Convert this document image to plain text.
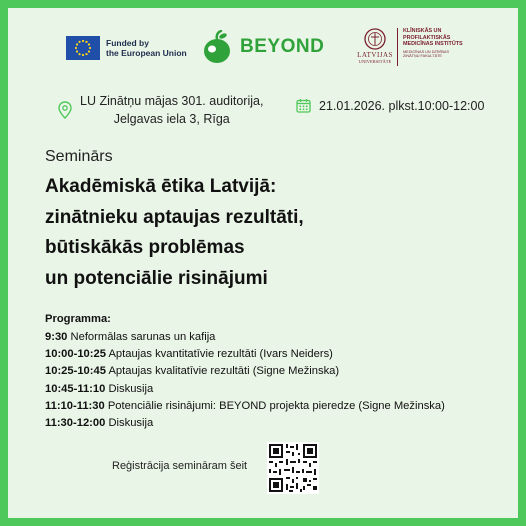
Funded by
the European Union	BEYOND	LATVIJAS
UNIVERSITĀTE
KLĪNISKĀS UN
PROFILAKTISKĀS
MEDICĪNAS INSTITŪTS
MEDICĪNAS UN DZĪVĪBAS
ZINĀTŅU FAKULTĀTE
LU Zinātņu mājas 301. auditorija,
Jelgavas iela 3, Rīga
21.01.2026. plkst.10:00-12:00
Seminārs
Akadēmiskā ētika Latvijā:
zinātnieku aptaujas rezultāti,
būtiskākās problēmas
un potenciālie risinājumi
Programma:
9:30 Neformālas sarunas un kafija
10:00-10:25 Aptaujas kvantitatīvie rezultāti (Ivars Neiders)
10:25-10:45 Aptaujas kvalitatīvie rezultāti (Signe Mežinska)
10:45-11:10 Diskusija
11:10-11:30 Potenciālie risinājumi: BEYOND projekta pieredze (Signe Mežinska)
11:30-12:00 Diskusija
Reģistrācija semināram šeit
